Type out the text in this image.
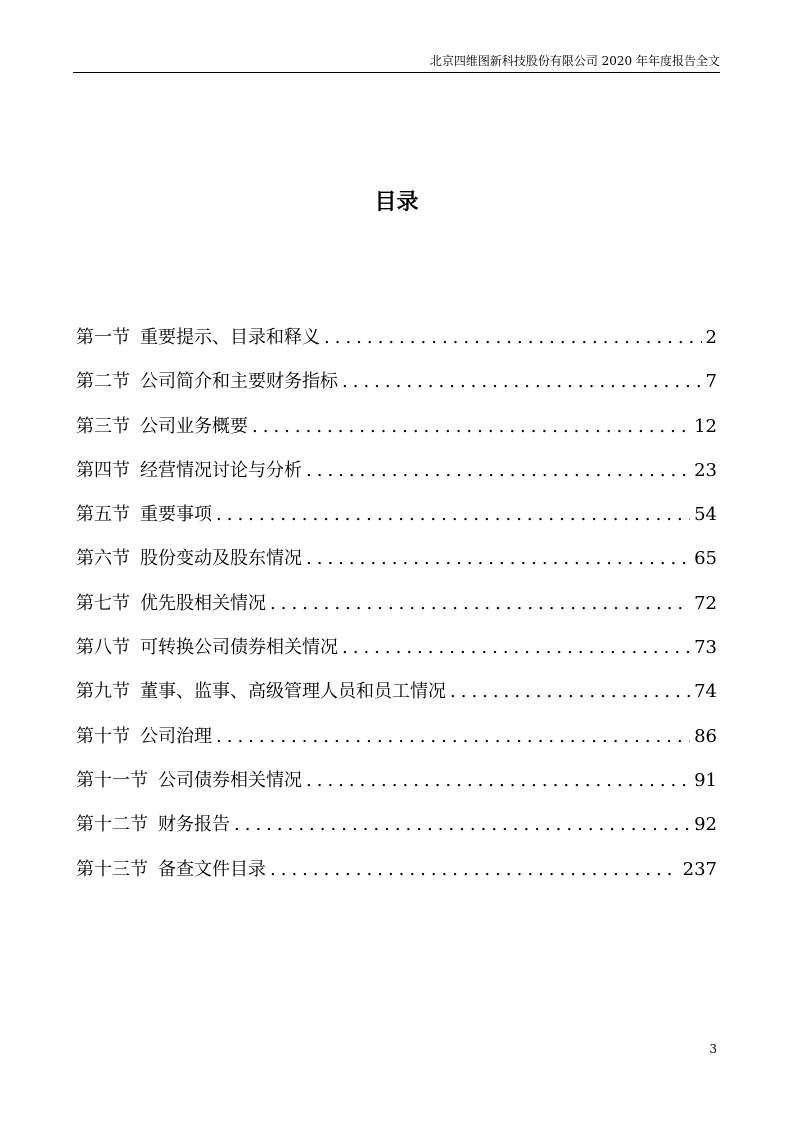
北京四维图新科技股份有限公司 2020 年年度报告全文
目录
第一节 重要提示、目录和释义 .....	2
第二节 公司简介和主要财务指标 .....	7
第三节 公司业务概要 .....	12
第四节 经营情况讨论与分析 .....	23
第五节 重要事项 .....	54
第六节 股份变动及股东情况 .....	65
第七节 优先股相关情况 .....	72
第八节 可转换公司债券相关情况 .....	73
第九节 董事、监事、高级管理人员和员工情况 .....	74
第十节 公司治理 .....	86
第十一节 公司债券相关情况 .....	91
第十二节 财务报告 .....	92
第十三节 备查文件目录 .....	237
3
